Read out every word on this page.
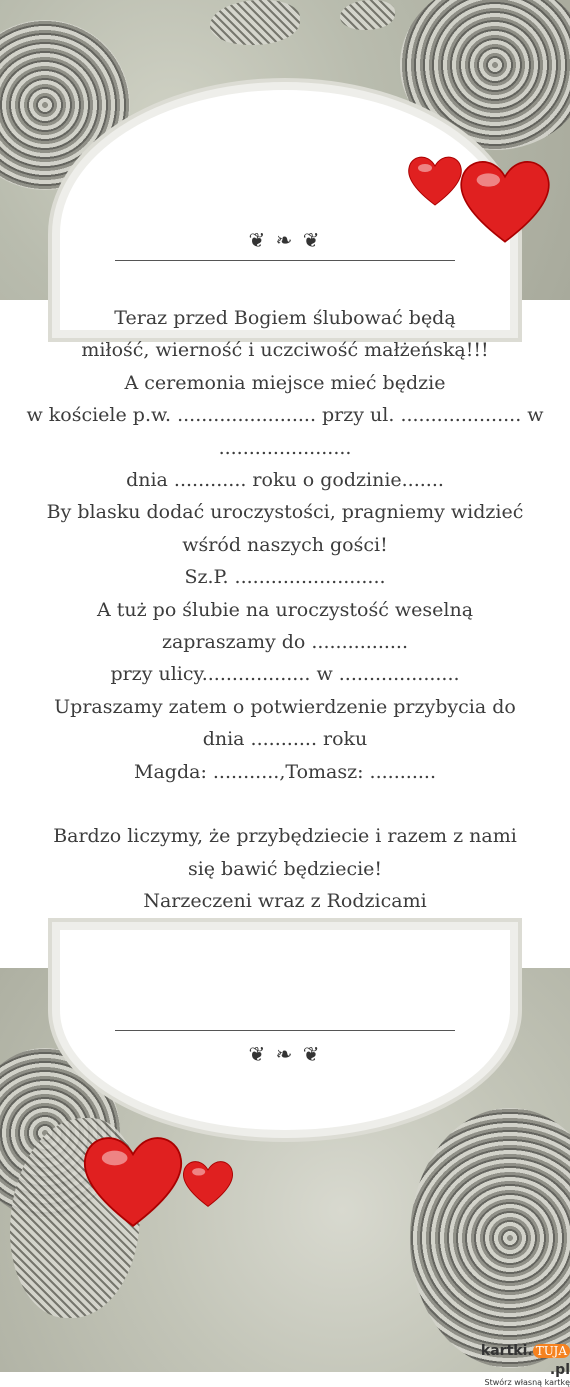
❦ ❧ ❦
❦ ❧ ❦
Teraz przed Bogiem ślubować będą
miłość, wierność i uczciwość małżeńską!!!
A ceremonia miejsce mieć będzie
w kościele p.w. ....................... przy ul. .................... w
......................
dnia ............ roku o godzinie.......
By blasku dodać uroczystości, pragniemy widzieć
wśród naszych gości!
Sz.P. .........................
A tuż po ślubie na uroczystość weselną
zapraszamy do ................
przy ulicy.................. w ....................
Upraszamy zatem o potwierdzenie przybycia do
dnia ........... roku
Magda: ...........,Tomasz: ...........
Bardzo liczymy, że przybędziecie i razem z nami
się bawić będziecie!
Narzeczeni wraz z Rodzicami
kartki. TUJA.pl
Stwórz własną kartkę
